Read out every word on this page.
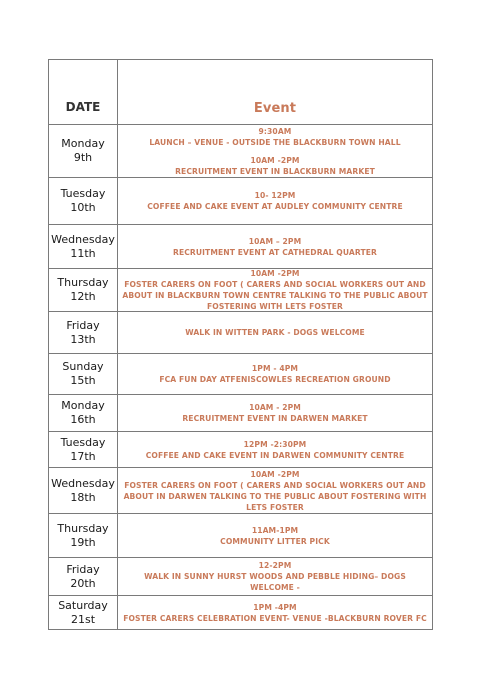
DATE	Event
Monday
9th
9:30AM
LAUNCH – VENUE - OUTSIDE THE BLACKBURN TOWN HALL
10AM -2PM
RECRUITMENT EVENT IN BLACKBURN MARKET
Tuesday
10th
10- 12PM
COFFEE AND CAKE EVENT AT AUDLEY COMMUNITY CENTRE
Wednesday
11th
10AM – 2PM
RECRUITMENT EVENT AT CATHEDRAL QUARTER
Thursday
12th
10AM -2PM
FOSTER CARERS ON FOOT ( CARERS AND SOCIAL WORKERS OUT AND
ABOUT IN BLACKBURN TOWN CENTRE TALKING TO THE PUBLIC ABOUT
FOSTERING WITH LETS FOSTER
Friday
13th	WALK IN WITTEN PARK - DOGS WELCOME
Sunday
15th
1PM - 4PM
FCA FUN DAY ATFENISCOWLES RECREATION GROUND
Monday
16th
10AM - 2PM
RECRUITMENT EVENT IN DARWEN MARKET
Tuesday
17th
12PM -2:30PM
COFFEE AND CAKE EVENT IN DARWEN COMMUNITY CENTRE
Wednesday
18th
10AM -2PM
FOSTER CARERS ON FOOT ( CARERS AND SOCIAL WORKERS OUT AND
ABOUT IN DARWEN TALKING TO THE PUBLIC ABOUT FOSTERING WITH
LETS FOSTER
Thursday
19th
11AM-1PM
COMMUNITY LITTER PICK
Friday
20th
12-2PM
WALK IN SUNNY HURST WOODS AND PEBBLE HIDING– DOGS WELCOME -
Saturday
21st
1PM -4PM
FOSTER CARERS CELEBRATION EVENT- VENUE -BLACKBURN ROVER FC
